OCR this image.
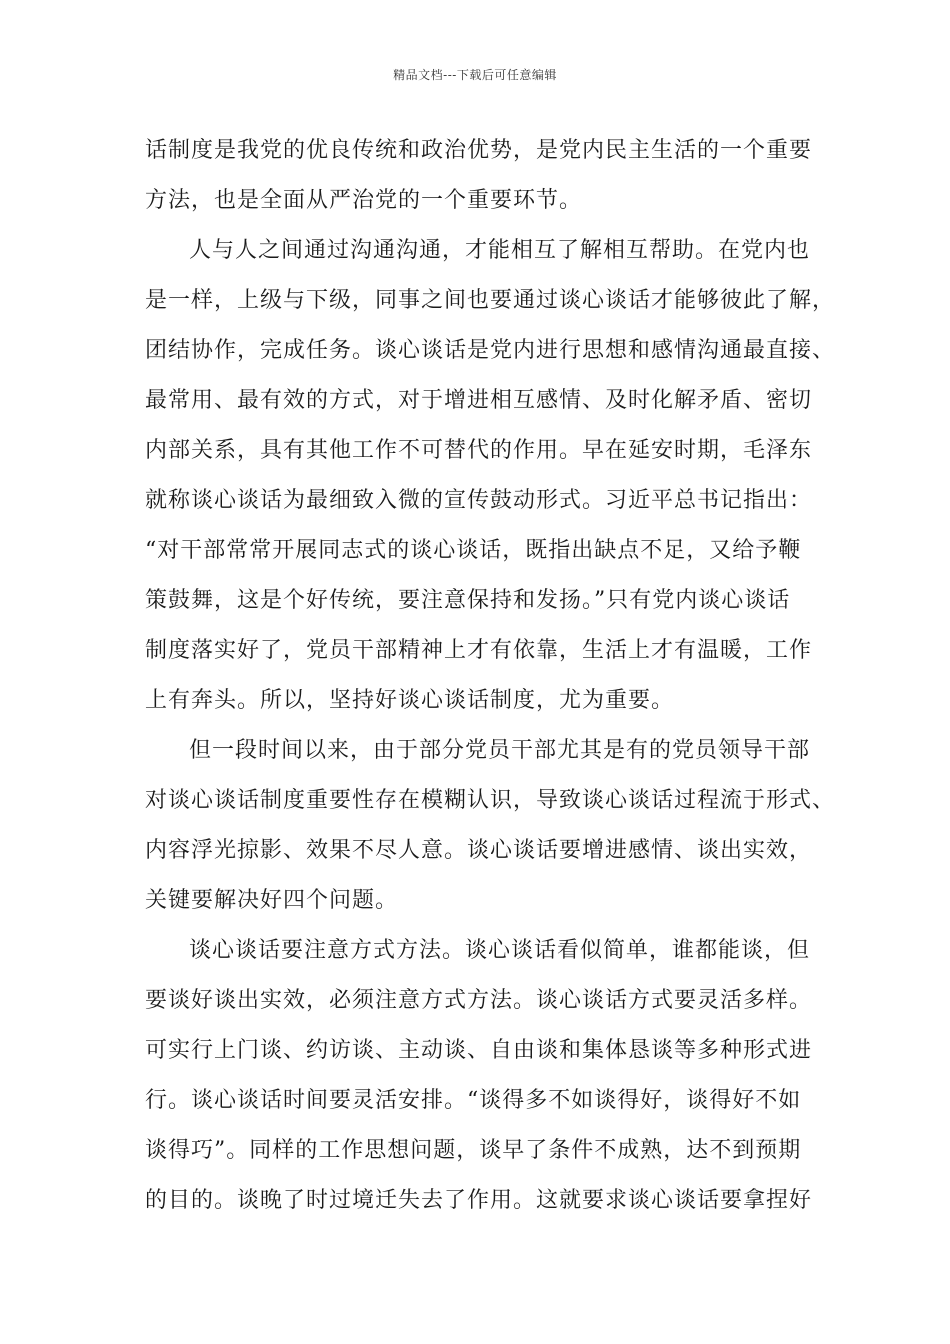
精品文档---下载后可任意编辑
话制度是我党的优良传统和政治优势，是党内民主生活的一个重要
方法，也是全面从严治党的一个重要环节。
人与人之间通过沟通沟通，才能相互了解相互帮助。在党内也
是一样，上级与下级，同事之间也要通过谈心谈话才能够彼此了解，
团结协作，完成任务。谈心谈话是党内进行思想和感情沟通最直接、
最常用、最有效的方式，对于增进相互感情、及时化解矛盾、密切
内部关系，具有其他工作不可替代的作用。早在延安时期，毛泽东
就称谈心谈话为最细致入微的宣传鼓动形式。习近平总书记指出：
“对干部常常开展同志式的谈心谈话，既指出缺点不足，又给予鞭
策鼓舞，这是个好传统，要注意保持和发扬。”只有党内谈心谈话
制度落实好了，党员干部精神上才有依靠，生活上才有温暖，工作
上有奔头。所以，坚持好谈心谈话制度，尤为重要。
但一段时间以来，由于部分党员干部尤其是有的党员领导干部
对谈心谈话制度重要性存在模糊认识，导致谈心谈话过程流于形式、
内容浮光掠影、效果不尽人意。谈心谈话要增进感情、谈出实效，
关键要解决好四个问题。
谈心谈话要注意方式方法。谈心谈话看似简单，谁都能谈，但
要谈好谈出实效，必须注意方式方法。谈心谈话方式要灵活多样。
可实行上门谈、约访谈、主动谈、自由谈和集体恳谈等多种形式进
行。谈心谈话时间要灵活安排。“谈得多不如谈得好，谈得好不如
谈得巧”。同样的工作思想问题，谈早了条件不成熟，达不到预期
的目的。谈晚了时过境迁失去了作用。这就要求谈心谈话要拿捏好
